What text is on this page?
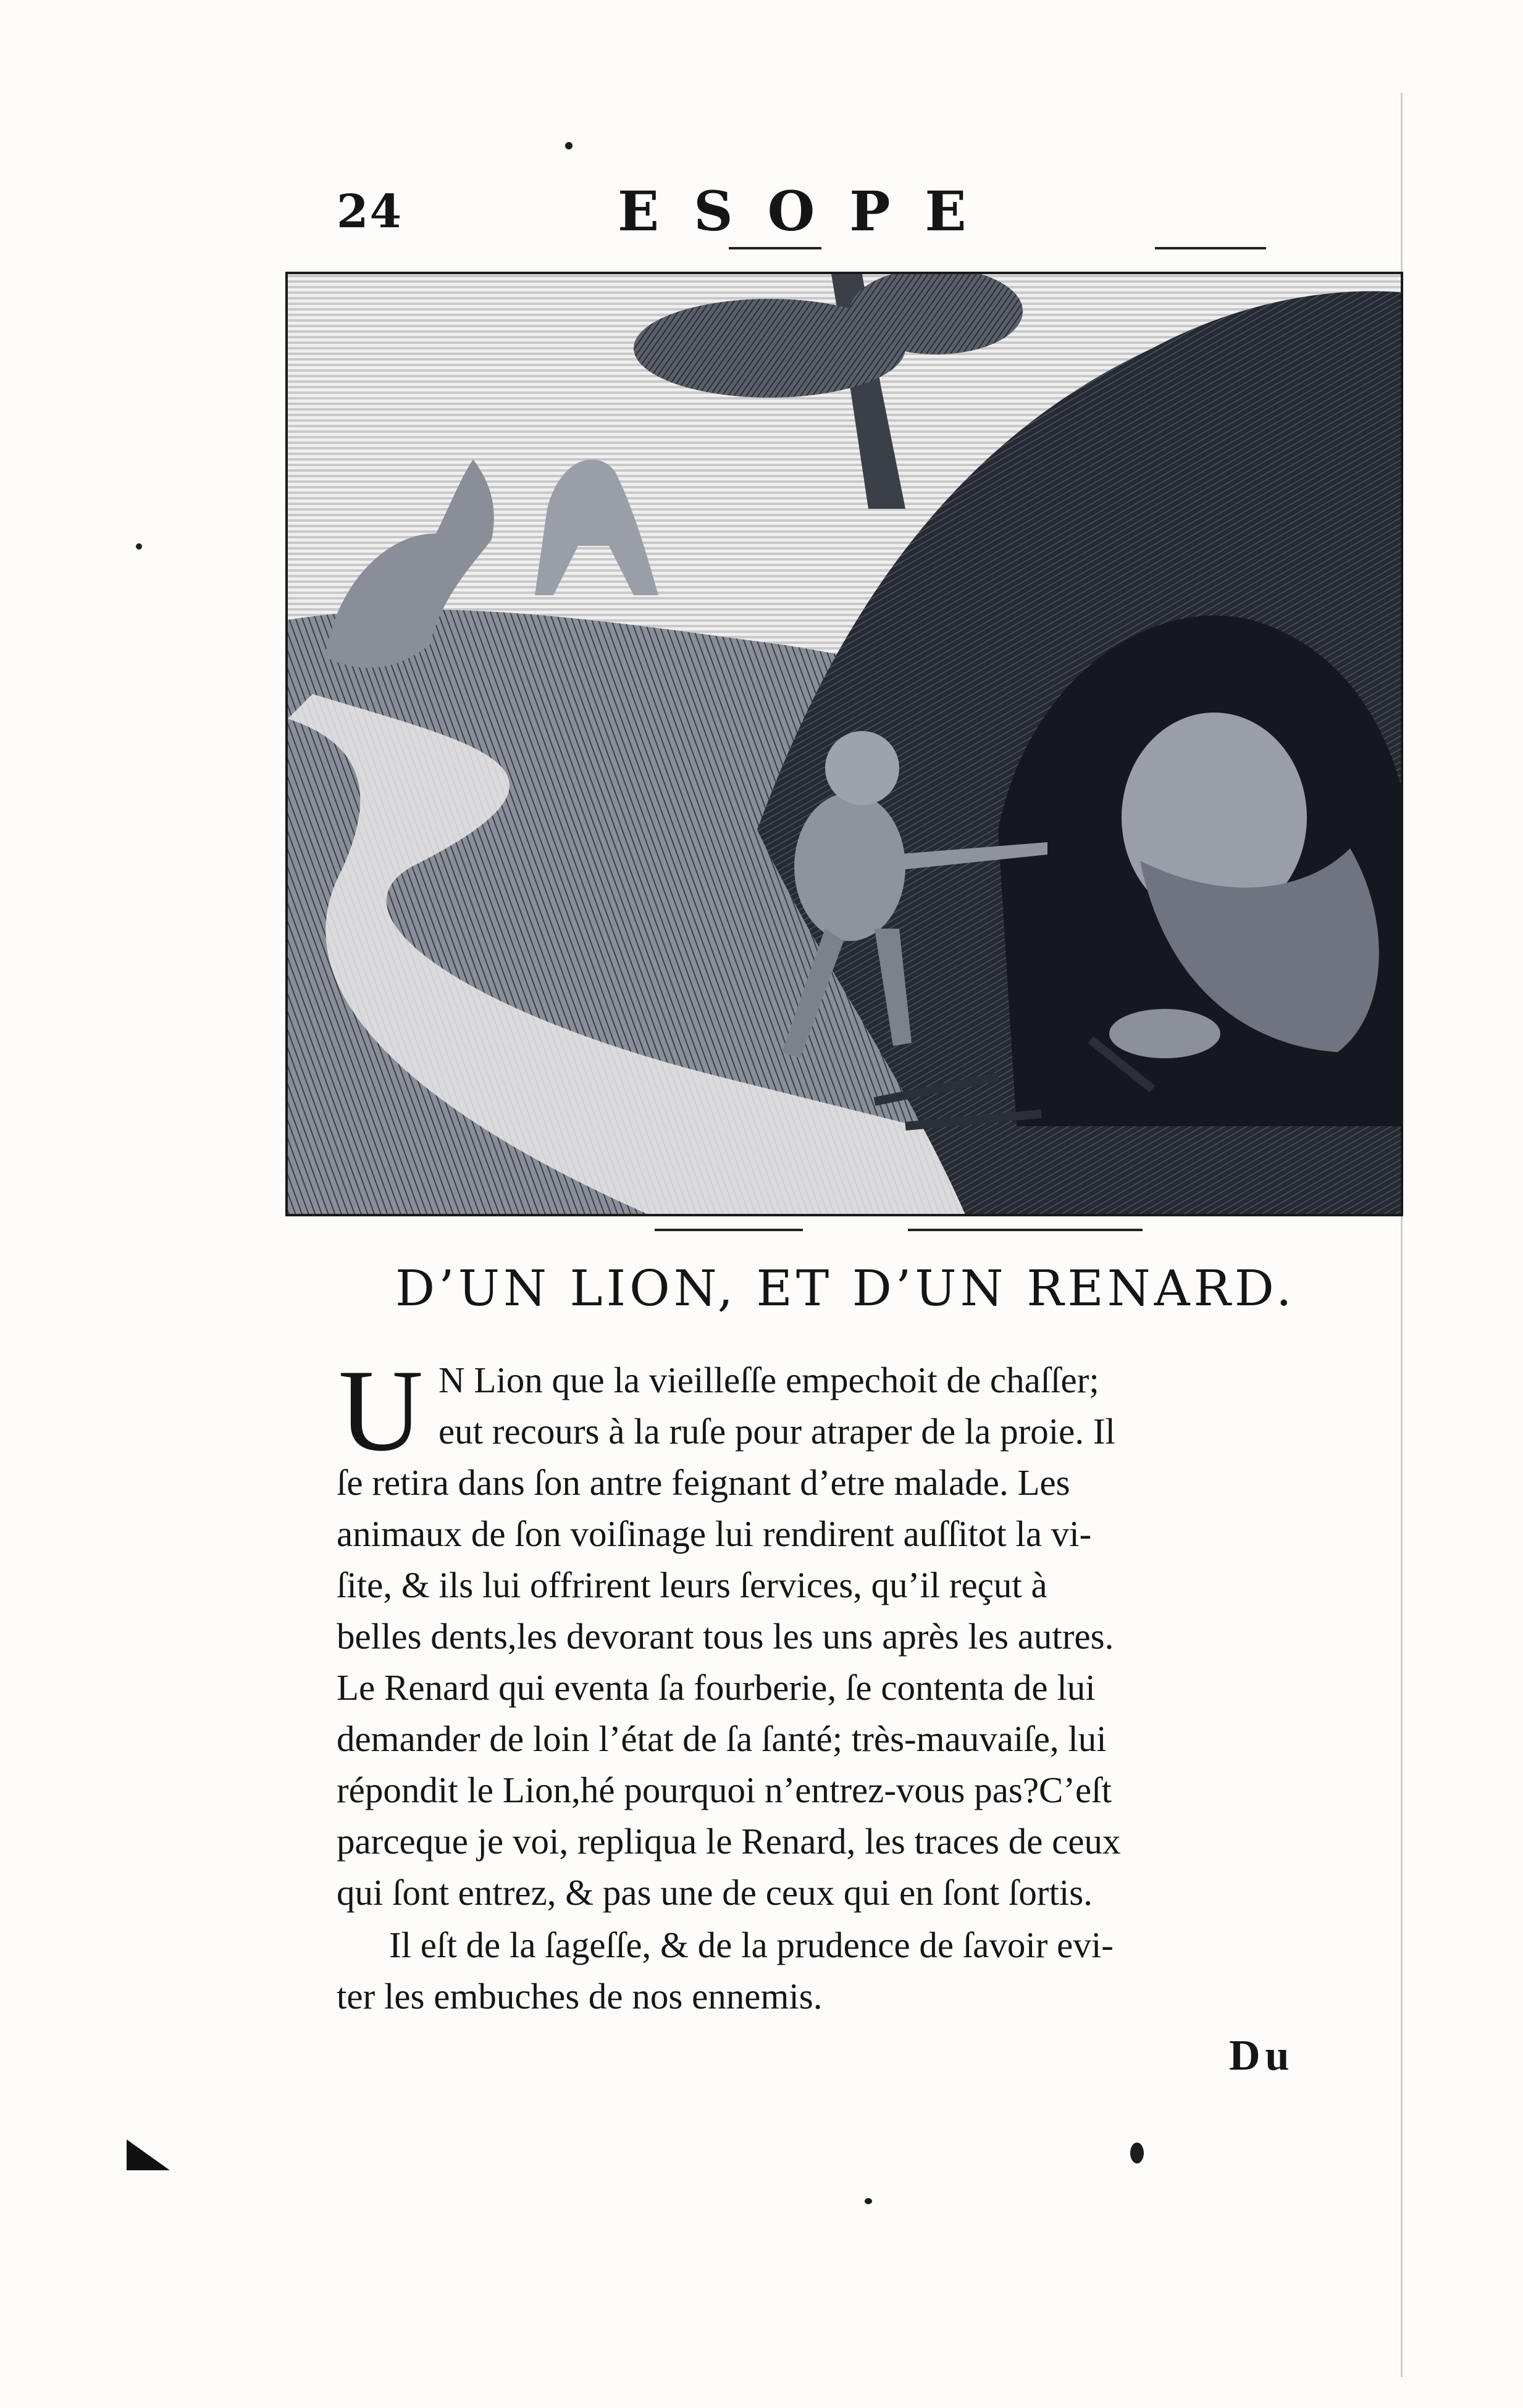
24	ESOPE
D’UN LION, ET D’UN RENARD.
U N Lion que la vieilleſſe empechoit de chaſſer;
eut recours à la ruſe pour atraper de la proie. Il
ſe retira dans ſon antre feignant d’etre malade. Les
animaux de ſon voiſinage lui rendirent auſſitot la vi-
ſite, & ils lui offrirent leurs ſervices, qu’il reçut à
belles dents,les devorant tous les uns après les autres.
Le Renard qui eventa ſa fourberie, ſe contenta de lui
demander de loin l’état de ſa ſanté; très-mauvaiſe, lui
répondit le Lion,hé pourquoi n’entrez-vous pas?C’eſt
parceque je voi, repliqua le Renard, les traces de ceux
qui ſont entrez, & pas une de ceux qui en ſont ſortis.
Il eſt de la ſageſſe, & de la prudence de ſavoir evi-
ter les embuches de nos ennemis.
Du
